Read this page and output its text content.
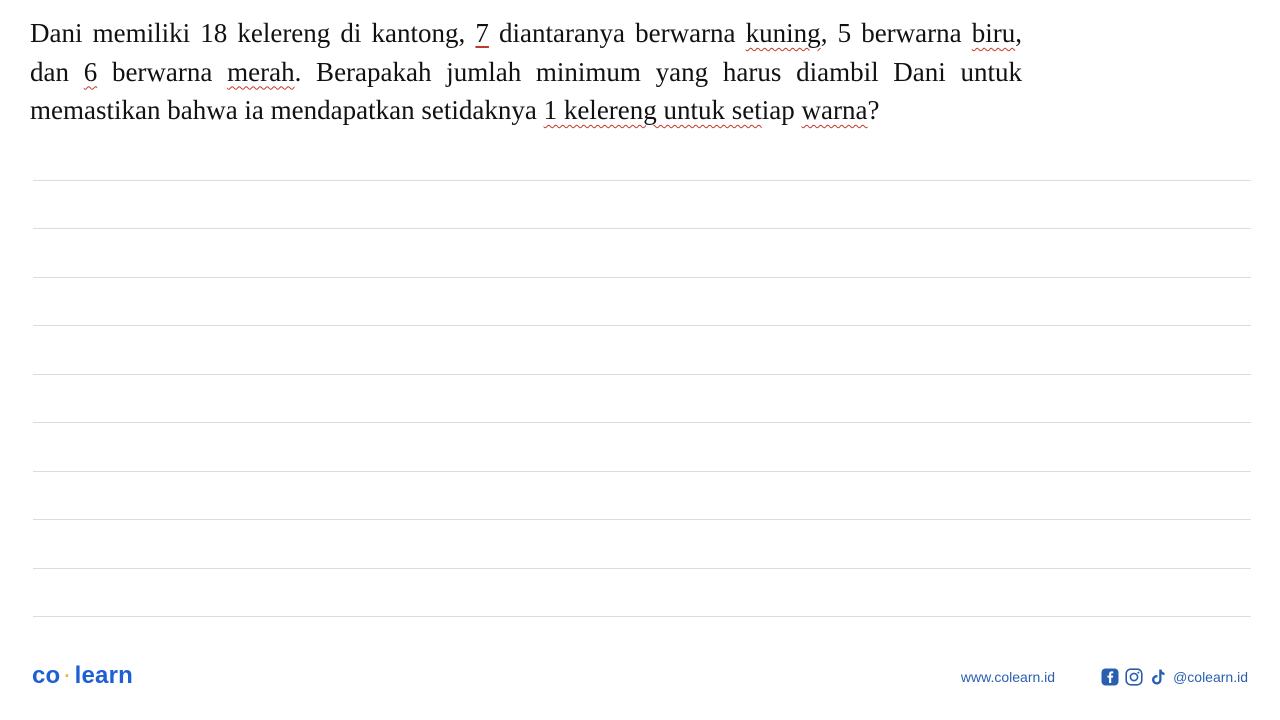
Dani memiliki 18 kelereng di kantong, 7 diantaranya berwarna kuning, 5 berwarna biru, dan 6 berwarna merah. Berapakah jumlah minimum yang harus diambil Dani untuk memastikan bahwa ia mendapatkan setidaknya 1 kelereng untuk setiap warna?

co · learn	www.colearn.id	@colearn.id
